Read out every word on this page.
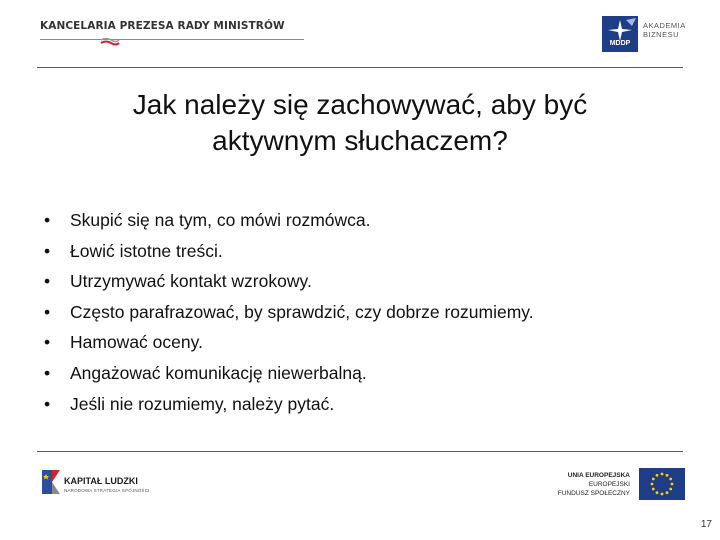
KANCELARIA PREZESA RADY MINISTRÓW
MDDP
AKADEMIA
BIZNESU
Jak należy się zachowywać, aby być
aktywnym słuchaczem?
• Skupić się na tym, co mówi rozmówca.
• Łowić istotne treści.
• Utrzymywać kontakt wzrokowy.
• Często parafrazować, by sprawdzić, czy dobrze rozumiemy.
• Hamować oceny.
• Angażować komunikację niewerbalną.
• Jeśli nie rozumiemy, należy pytać.
KAPITAŁ LUDZKI
NARODOWA STRATEGIA SPÓJNOŚCI
UNIA EUROPEJSKA
EUROPEJSKI
FUNDUSZ SPOŁECZNY
17
